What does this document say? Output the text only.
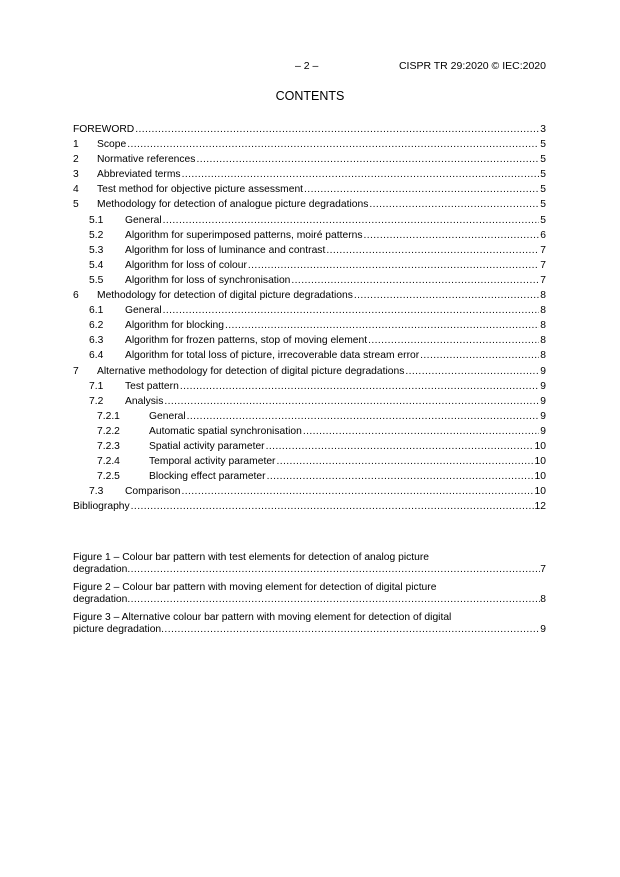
– 2 –	CISPR TR 29:2020 © IEC:2020
CONTENTS
FOREWORD .....	3
1 Scope .....	5
2 Normative references .....	5
3 Abbreviated terms .....	5
4 Test method for objective picture assessment .....	5
5 Methodology for detection of analogue picture degradations .....	5
5.1 General .....	5
5.2 Algorithm for superimposed patterns, moiré patterns .....	6
5.3 Algorithm for loss of luminance and contrast .....	7
5.4 Algorithm for loss of colour .....	7
5.5 Algorithm for loss of synchronisation .....	7
6 Methodology for detection of digital picture degradations .....	8
6.1 General .....	8
6.2 Algorithm for blocking .....	8
6.3 Algorithm for frozen patterns, stop of moving element .....	8
6.4 Algorithm for total loss of picture, irrecoverable data stream error .....	8
7 Alternative methodology for detection of digital picture degradations .....	9
7.1 Test pattern .....	9
7.2 Analysis .....	9
7.2.1	General .....	9
7.2.2	Automatic spatial synchronisation .....	9
7.2.3	Spatial activity parameter .....	10
7.2.4	Temporal activity parameter .....	10
7.2.5	Blocking effect parameter .....	10
7.3 Comparison .....	10
Bibliography .....	12
Figure 1 – Colour bar pattern with test elements for detection of analog picture
degradation .....	7
Figure 2 – Colour bar pattern with moving element for detection of digital picture
degradation .....	8
Figure 3 – Alternative colour bar pattern with moving element for detection of digital
picture degradation .....	9
